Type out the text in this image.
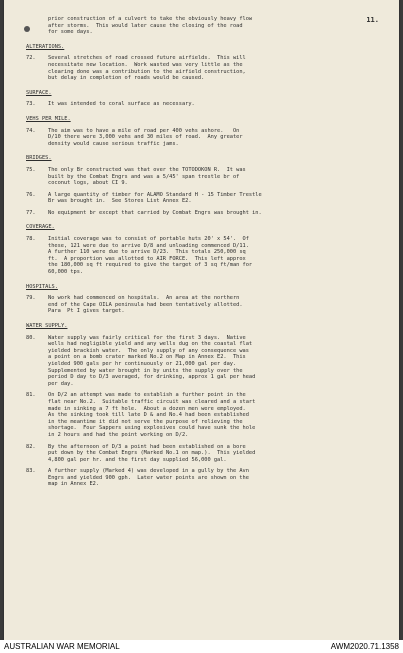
11.
prior construction of a culvert to take the obviously heavy flow
after storms.  This would later cause the closing of the road
for some days.
ALTERATIONS.
72.	Several stretches of road crossed future airfields.  This will
necessitate new location.  Work wasted was very little as the
clearing done was a contribution to the airfield construction,
but delay in completion of roads would be caused.
SURFACE.
73.	It was intended to coral surface as necessary.
VEHS PER MILE.
74.	The aim was to have a mile of road per 400 vehs ashore.   On
D/10 there were 3,000 vehs and 30 miles of road.  Any greater
density would cause serious traffic jams.
BRIDGES.
75.	The only Br constructed was that over the TOTODOKON R.  It was
built by the Combat Engrs and was a 5/45' span trestle br of
coconut logs, about CI 9.
76.	A large quantity of timber for ALAMO Standard H - 15 Timber Trestle
Br was brought in.  See Stores List Annex E2.
77.	No equipment br except that carried by Combat Engrs was brought in.
COVERAGE.
78.	Initial coverage was to consist of portable huts 20' x 54'.  Of
these, 121 were due to arrive D/8 and unloading commenced D/11.
A further 110 were due to arrive D/23.  This totals 250,000 sq
ft.  A proportion was allotted to AIR FORCE.  This left approx
the 180,000 sq ft required to give the target of 3 sq ft/man for
60,000 tps.
HOSPITALS.
79.	No work had commenced on hospitals.  An area at the northern
end of the Cape OILA peninsula had been tentatively allotted.
Para  Pt I gives target.
WATER SUPPLY.
80.	Water supply was fairly critical for the first 3 days.  Native
wells had negligible yield and any wells dug on the coastal flat
yielded brackish water.  The only supply of any consequence was
a point on a bomb crater marked No.2 on Map in Annex E2.  This
yielded 900 gals per hr continuously or 21,000 gal per day.
Supplemented by water brought in by units the supply over the
period D day to D/3 averaged, for drinking, approx 1 gal per head
per day.
81.	On D/2 an attempt was made to establish a further point in the
flat near No.2.  Suitable traffic circuit was cleared and a start
made in sinking a 7 ft hole.  About a dozen men were employed.
As the sinking took till late D & and No.4 had been established
in the meantime it did not serve the purpose of relieving the
shortage.  Four Sappers using explosives could have sunk the hole
in 2 hours and had the point working on D/2.
82.	By the afternoon of D/3 a point had been established on a bore
put down by the Combat Engrs (Marked No.1 on map.).  This yielded
4,800 gal per hr. and the first day supplied 56,000 gal.
83.	A further supply (Marked 4) was developed in a gully by the Avn
Engrs and yielded 900 gph.  Later water points are shown on the
map in Annex E2.
AUSTRALIAN WAR MEMORIAL	AWM2020.71.1358
